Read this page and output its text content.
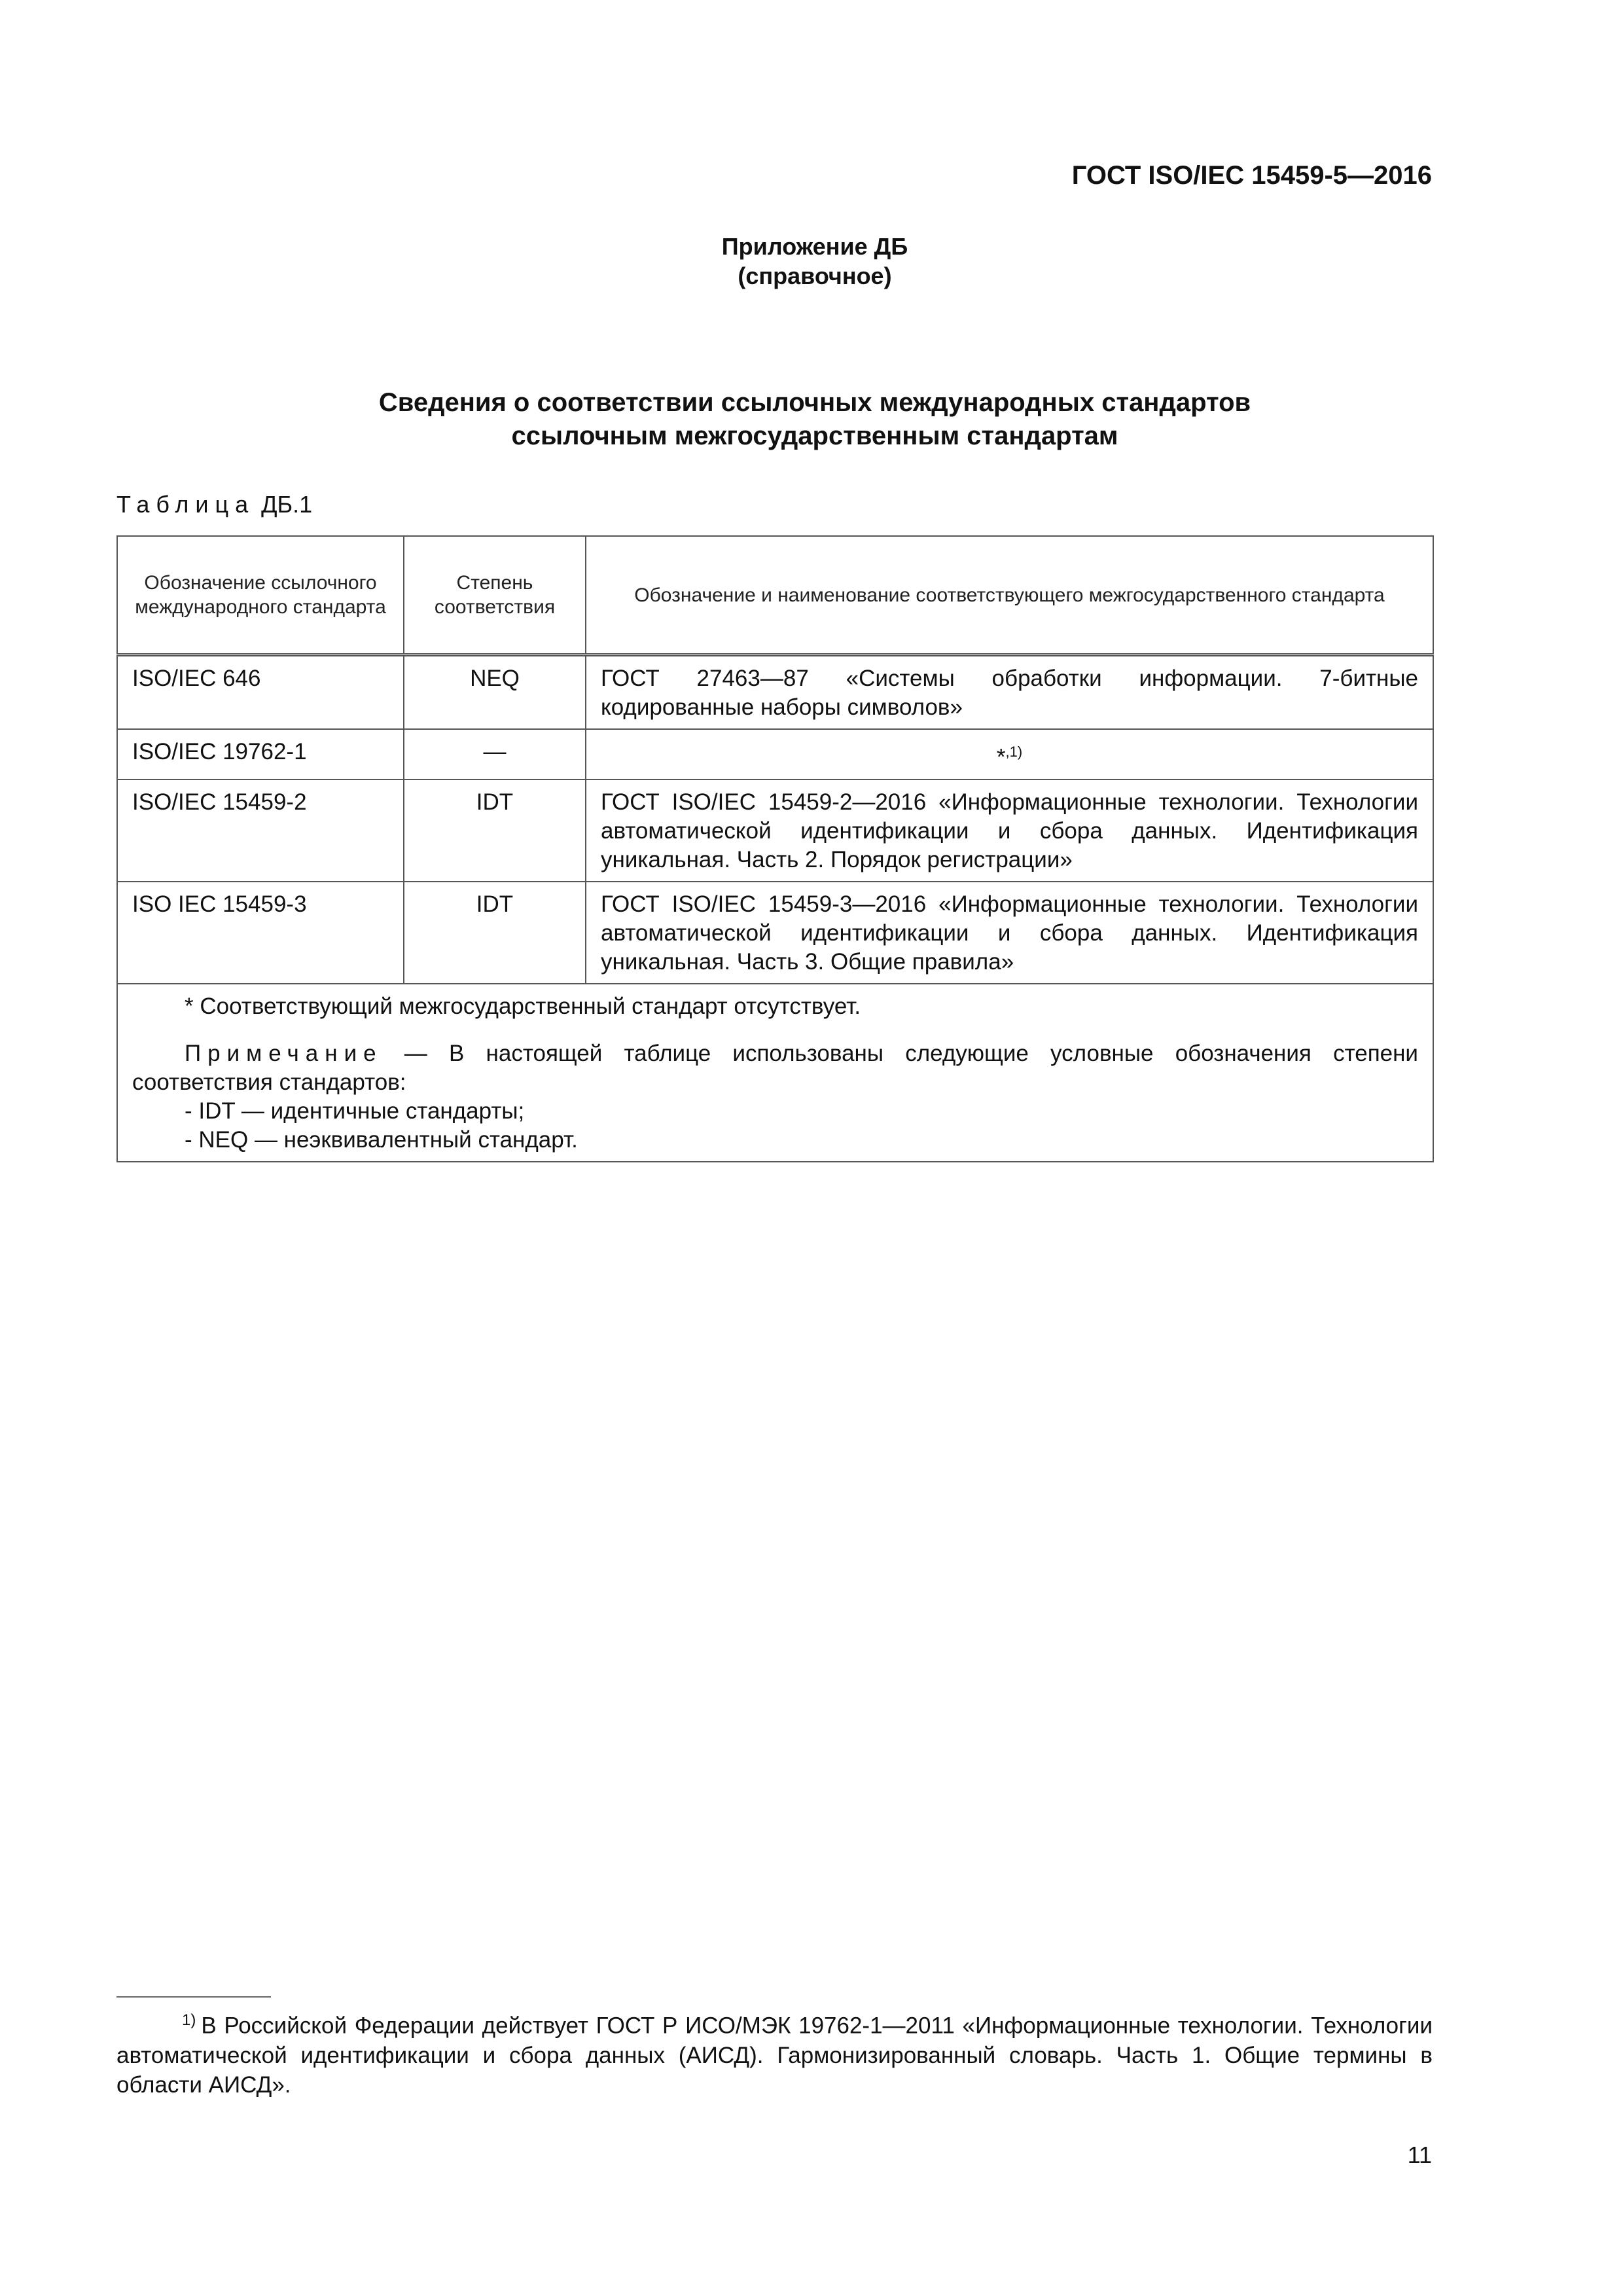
ГОСТ ISO/IEC 15459-5—2016
Приложение ДБ
(справочное)
Сведения о соответствии ссылочных международных стандартов
ссылочным межгосударственным стандартам
Таблица ДБ.1
Обозначение ссылочного международного стандарта	Степень соответствия	Обозначение и наименование соответствующего межгосударственного стандарта
ISO/IEC 646	NEQ	ГОСТ 27463—87 «Системы обработки информации. 7-битные кодированные наборы символов»
ISO/IEC 19762-1	—	*$^{,1)}$
ISO/IEC 15459-2	IDT	ГОСТ ISO/IEC 15459-2—2016 «Информационные технологии. Технологии автоматической идентификации и сбора данных. Идентификация уникальная. Часть 2. Порядок регистрации»
ISO IEC 15459-3	IDT	ГОСТ ISO/IEC 15459-3—2016 «Информационные технологии. Технологии автоматической идентификации и сбора данных. Идентификация уникальная. Часть 3. Общие правила»

* Соответствующий межгосударственный стандарт отсутствует.
Примечание — В настоящей таблице использованы следующие условные обозначения степени соответствия стандартов:
- IDT — идентичные стандарты;
- NEQ — неэквивалентный стандарт.		
$^{1)}$ В Российской Федерации действует ГОСТ Р ИСО/МЭК 19762-1—2011 «Информационные технологии. Технологии автоматической идентификации и сбора данных (АИСД). Гармонизированный словарь. Часть 1. Общие термины в области АИСД».
11
